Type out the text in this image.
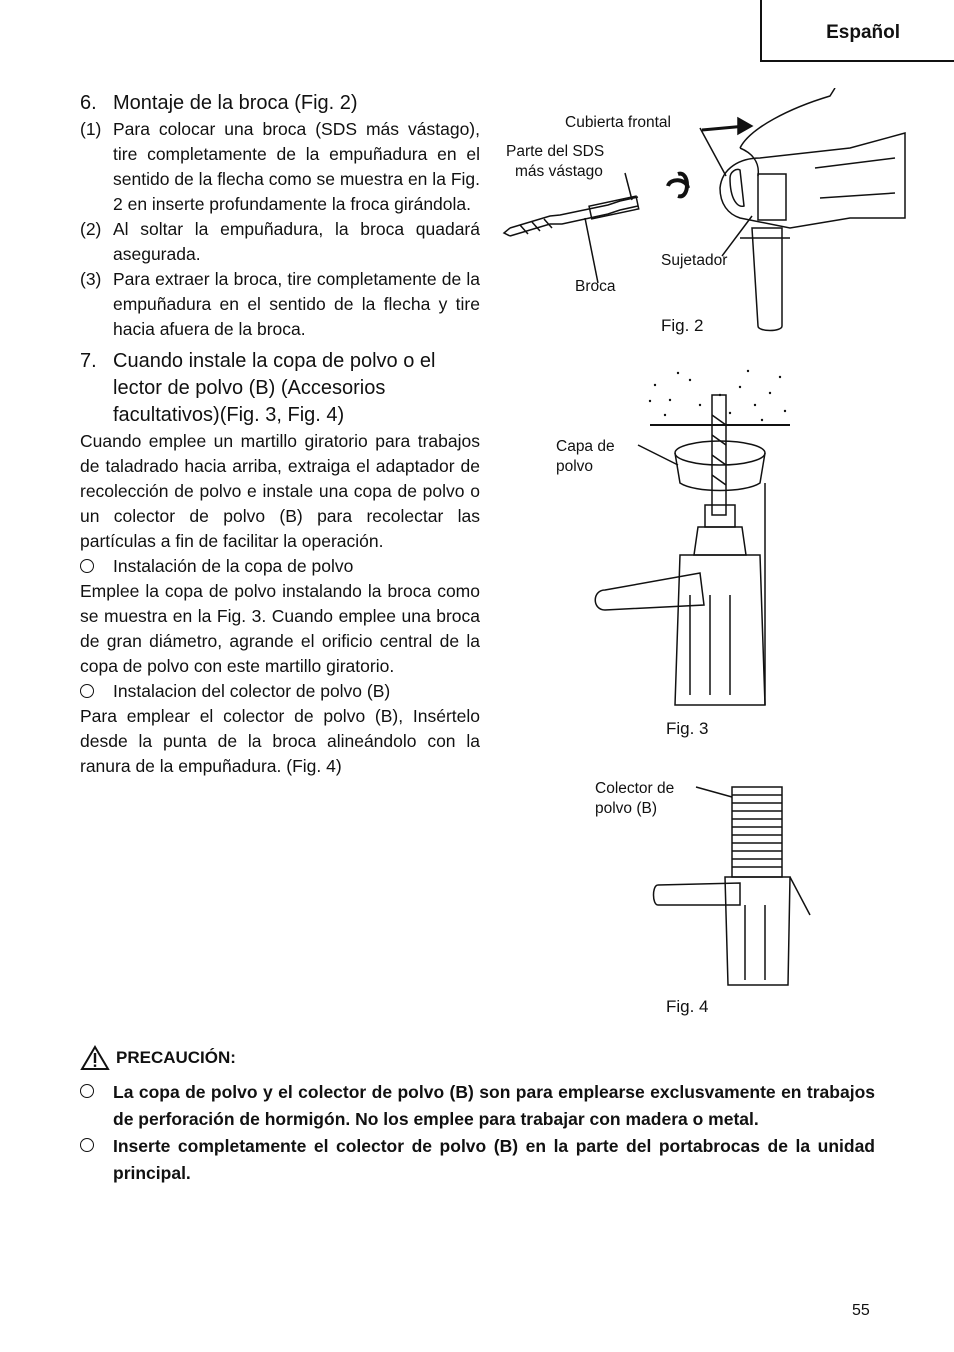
Español

6. Montaje de la broca (Fig. 2)

(1) Para colocar una broca (SDS más vástago), tire completamente de la empuñadura en el sentido de la flecha como se muestra en la Fig. 2 en inserte profundamente la froca girándola.
(2) Al soltar la empuñadura, la broca quadará asegurada.
(3) Para extraer la broca, tire completamente de la empuñadura en el sentido de la flecha y tire hacia afuera de la broca.
7. Cuando instale la copa de polvo o el lector de polvo (B) (Accesorios facultativos)(Fig. 3, Fig. 4)

Cuando emplee un martillo giratorio para trabajos de taladrado hacia arriba, extraiga el adaptador de recolección de polvo e instale una copa de polvo o un colector de polvo (B) para recolectar las partículas a fin de facilitar la operación.

Instalación de la copa de polvo

Emplee la copa de polvo instalando la broca como se muestra en la Fig. 3. Cuando emplee una broca de gran diámetro, agrande el orificio central de la copa de polvo con este martillo giratorio.

Instalacion del colector de polvo (B)

Para emplear el colector de polvo (B), Insértelo desde la punta de la broca alineándolo con la ranura de la empuñadura. (Fig. 4)

Cubierta frontal
Parte del SDS
más vástago
Sujetador
Broca
Fig. 2
Capa de
polvo
Fig. 3
Colector de
polvo (B)
Fig. 4
PRECAUCIÓN:
La copa de polvo y el colector de polvo (B) son para emplearse exclusvamente en trabajos de perforación de hormigón. No los emplee para trabajar con madera o metal.
Inserte completamente el colector de polvo (B) en la parte del portabrocas de la unidad principal.
55
